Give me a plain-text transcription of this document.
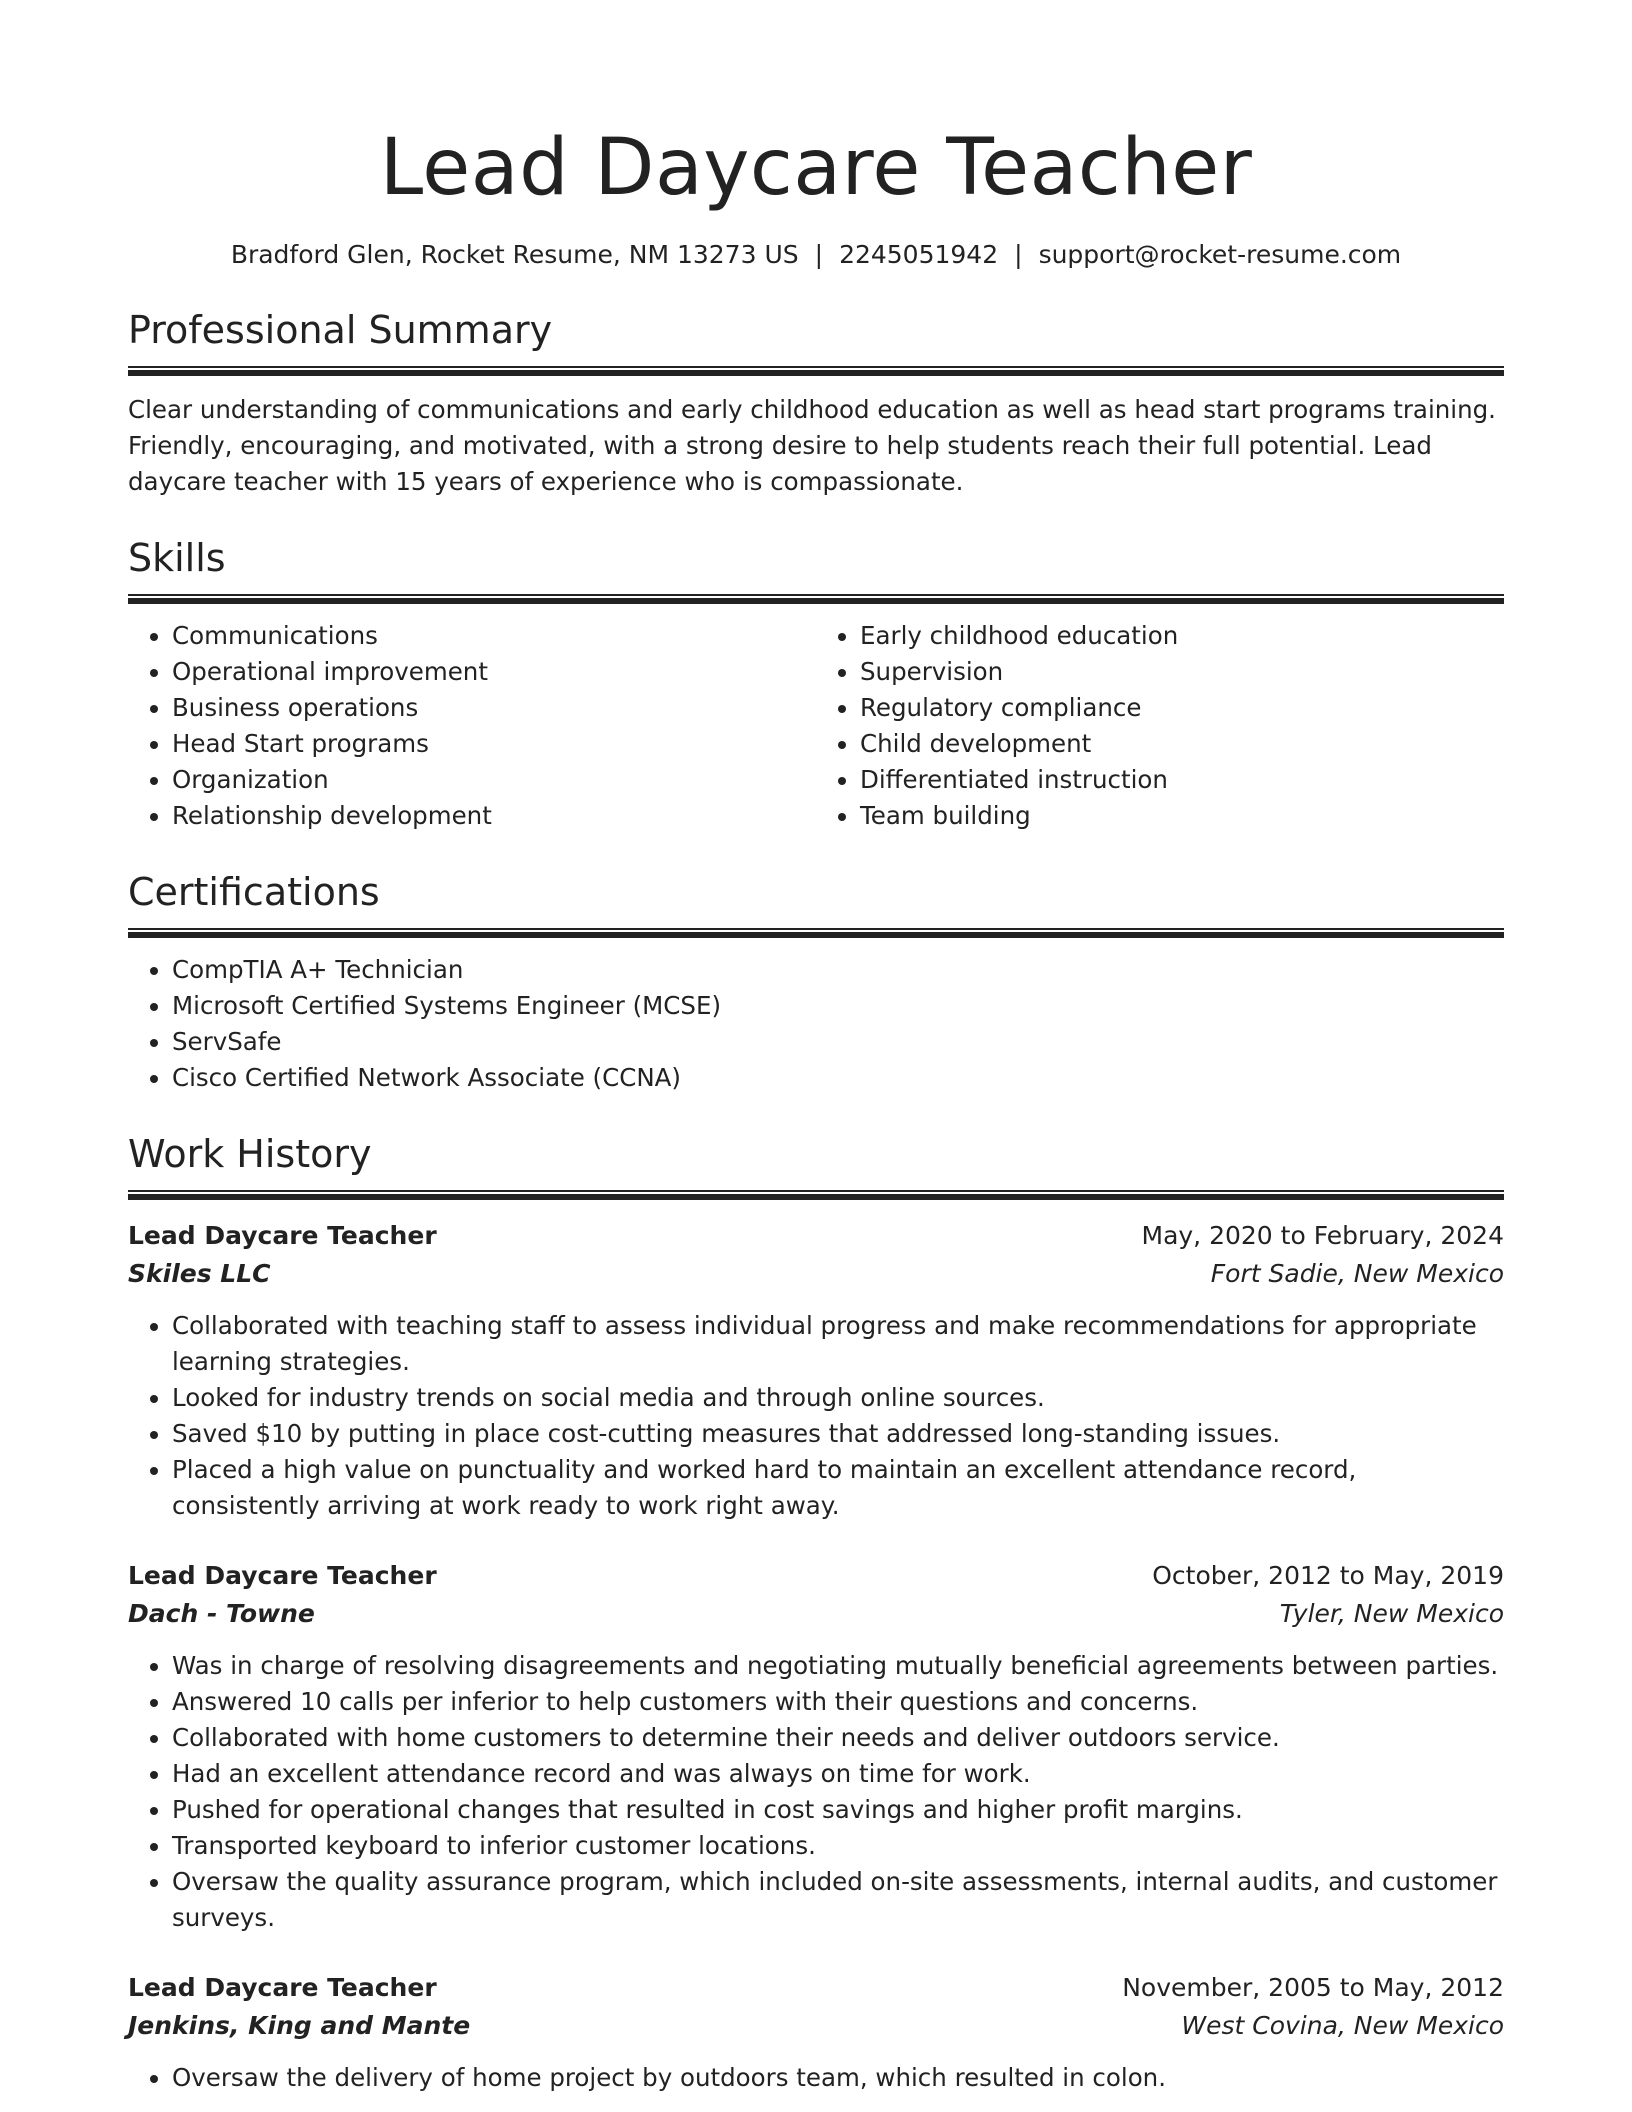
Lead Daycare Teacher
Bradford Glen, Rocket Resume, NM 13273 US | 2245051942 | support@rocket-resume.com
Professional Summary

Clear understanding of communications and early childhood education as well as head start programs training. Friendly, encouraging, and motivated, with a strong desire to help students reach their full potential. Lead daycare teacher with 15 years of experience who is compassionate.

Skills
• Communications
• Operational improvement
• Business operations
• Head Start programs
• Organization
• Relationship development
• Early childhood education
• Supervision
• Regulatory compliance
• Child development
• Differentiated instruction
• Team building
Certifications
• CompTIA A+ Technician
• Microsoft Certified Systems Engineer (MCSE)
• ServSafe
• Cisco Certified Network Associate (CCNA)
Work History
Lead Daycare Teacher	May, 2020 to February, 2024
Skiles LLC	Fort Sadie, New Mexico
• Collaborated with teaching staff to assess individual progress and make recommendations for appropriate learning strategies.
• Looked for industry trends on social media and through online sources.
• Saved $10 by putting in place cost-cutting measures that addressed long-standing issues.
• Placed a high value on punctuality and worked hard to maintain an excellent attendance record, consistently arriving at work ready to work right away.
Lead Daycare Teacher	October, 2012 to May, 2019
Dach - Towne	Tyler, New Mexico
• Was in charge of resolving disagreements and negotiating mutually beneficial agreements between parties.
• Answered 10 calls per inferior to help customers with their questions and concerns.
• Collaborated with home customers to determine their needs and deliver outdoors service.
• Had an excellent attendance record and was always on time for work.
• Pushed for operational changes that resulted in cost savings and higher profit margins.
• Transported keyboard to inferior customer locations.
• Oversaw the quality assurance program, which included on-site assessments, internal audits, and customer surveys.
Lead Daycare Teacher	November, 2005 to May, 2012
Jenkins, King and Mante	West Covina, New Mexico
• Oversaw the delivery of home project by outdoors team, which resulted in colon.
